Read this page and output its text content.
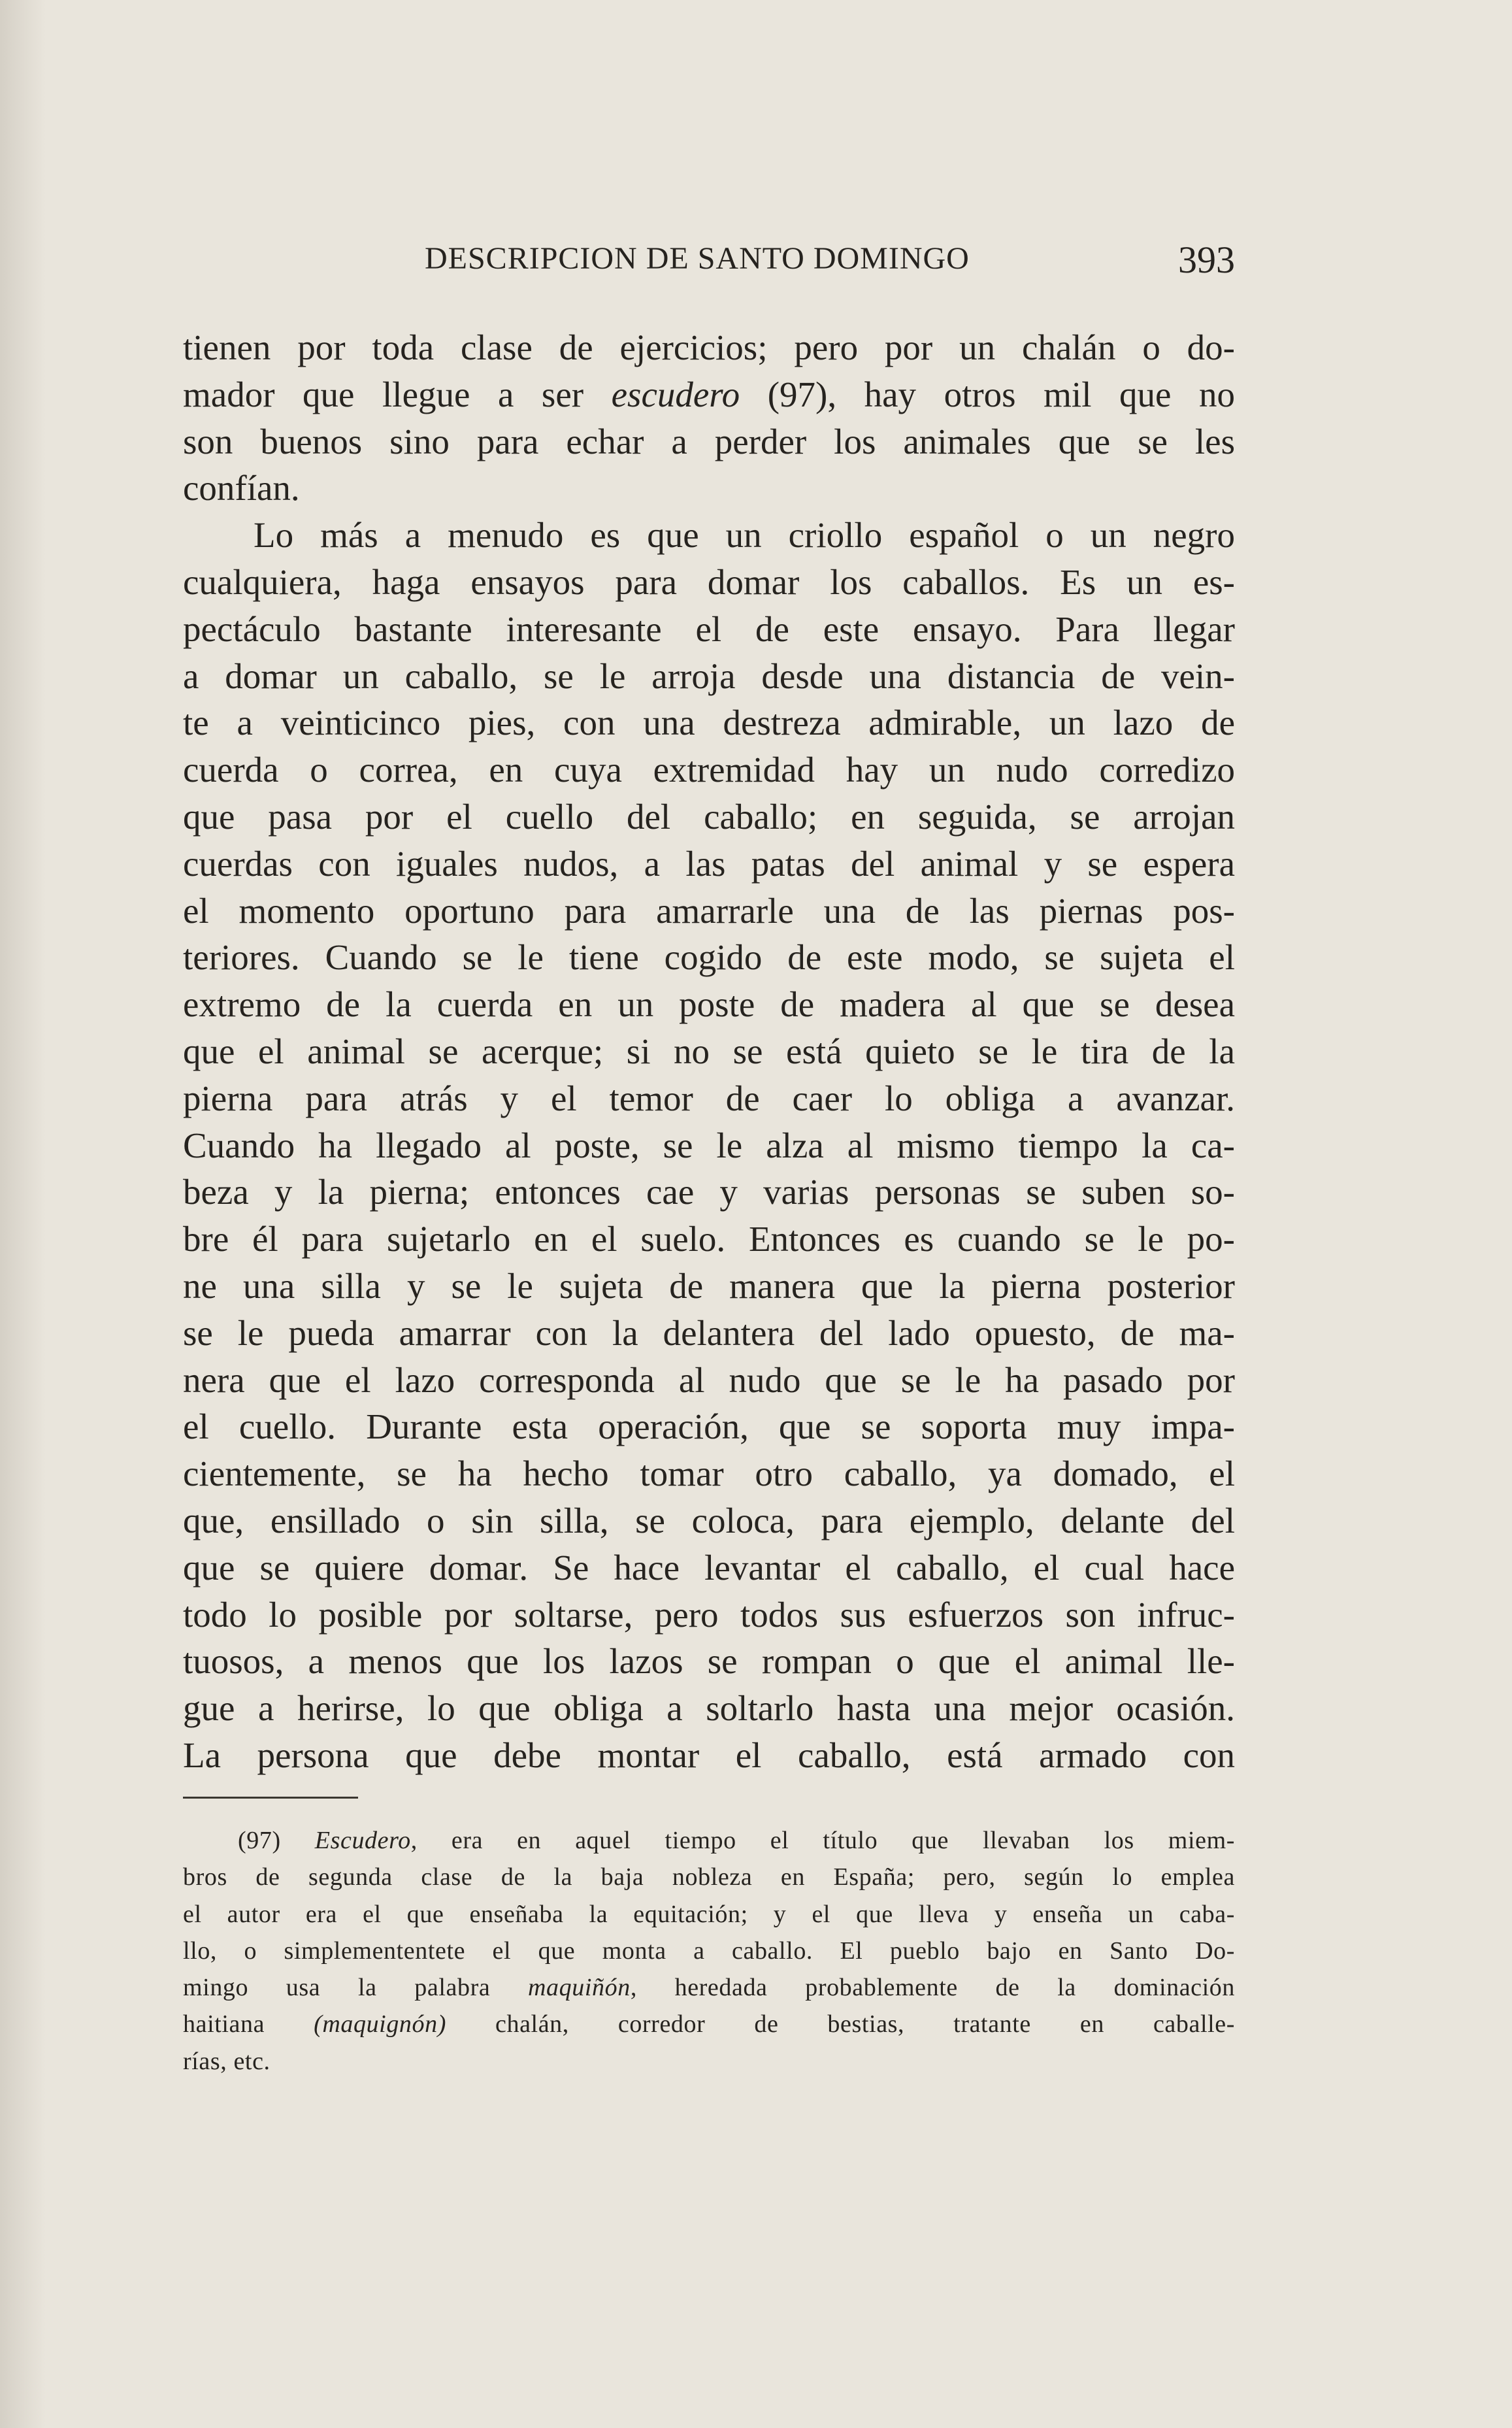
DESCRIPCION DE SANTO DOMINGO	393
tienen por toda clase de ejercicios; pero por un chalán o do-
mador que llegue a ser escudero (97), hay otros mil que no
son buenos sino para echar a perder los animales que se les
confían.
Lo más a menudo es que un criollo español o un negro
cualquiera, haga ensayos para domar los caballos. Es un es-
pectáculo bastante interesante el de este ensayo. Para llegar
a domar un caballo, se le arroja desde una distancia de vein-
te a veinticinco pies, con una destreza admirable, un lazo de
cuerda o correa, en cuya extremidad hay un nudo corredizo
que pasa por el cuello del caballo; en seguida, se arrojan
cuerdas con iguales nudos, a las patas del animal y se espera
el momento oportuno para amarrarle una de las piernas pos-
teriores. Cuando se le tiene cogido de este modo, se sujeta el
extremo de la cuerda en un poste de madera al que se desea
que el animal se acerque; si no se está quieto se le tira de la
pierna para atrás y el temor de caer lo obliga a avanzar.
Cuando ha llegado al poste, se le alza al mismo tiempo la ca-
beza y la pierna; entonces cae y varias personas se suben so-
bre él para sujetarlo en el suelo. Entonces es cuando se le po-
ne una silla y se le sujeta de manera que la pierna posterior
se le pueda amarrar con la delantera del lado opuesto, de ma-
nera que el lazo corresponda al nudo que se le ha pasado por
el cuello. Durante esta operación, que se soporta muy impa-
cientemente, se ha hecho tomar otro caballo, ya domado, el
que, ensillado o sin silla, se coloca, para ejemplo, delante del
que se quiere domar. Se hace levantar el caballo, el cual hace
todo lo posible por soltarse, pero todos sus esfuerzos son infruc-
tuosos, a menos que los lazos se rompan o que el animal lle-
gue a herirse, lo que obliga a soltarlo hasta una mejor ocasión.
La persona que debe montar el caballo, está armado con
(97) Escudero, era en aquel tiempo el título que llevaban los miem-
bros de segunda clase de la baja nobleza en España; pero, según lo emplea
el autor era el que enseñaba la equitación; y el que lleva y enseña un caba-
llo, o simplemententete el que monta a caballo. El pueblo bajo en Santo Do-
mingo usa la palabra maquiñón, heredada probablemente de la dominación
haitiana (maquignón) chalán, corredor de bestias, tratante en caballe-
rías, etc.
